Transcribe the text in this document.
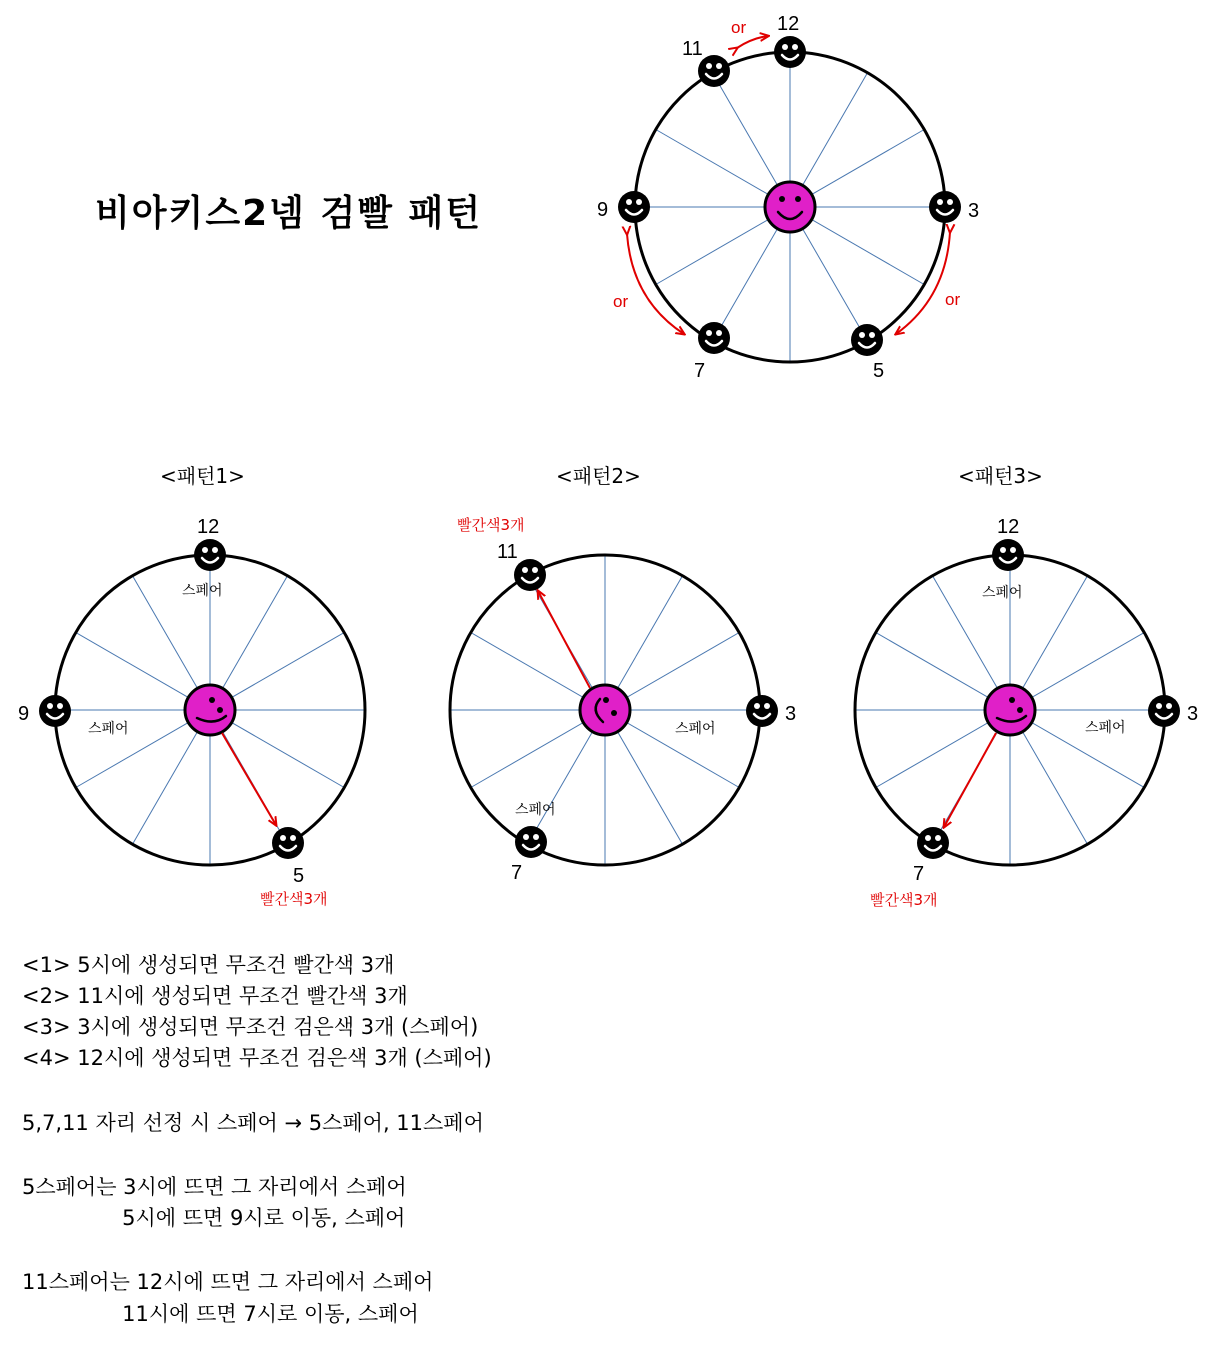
비아키스2넴 검빨 패턴
12
11
9	3
7	5
or
or	or
<패턴1>
12
9
5
스페어
스페어
빨간색3개
<패턴2>
11
3
7
스페어
스페어
빨간색3개
<패턴3>
12
3
7
스페어
스페어
빨간색3개
<1> 5시에 생성되면 무조건 빨간색 3개
<2> 11시에 생성되면 무조건 빨간색 3개
<3> 3시에 생성되면 무조건 검은색 3개 (스페어)
<4> 12시에 생성되면 무조건 검은색 3개 (스페어)
5,7,11 자리 선정 시 스페어 → 5스페어, 11스페어
5스페어는 3시에 뜨면 그 자리에서 스페어
5시에 뜨면 9시로 이동, 스페어
11스페어는 12시에 뜨면 그 자리에서 스페어
11시에 뜨면 7시로 이동, 스페어
